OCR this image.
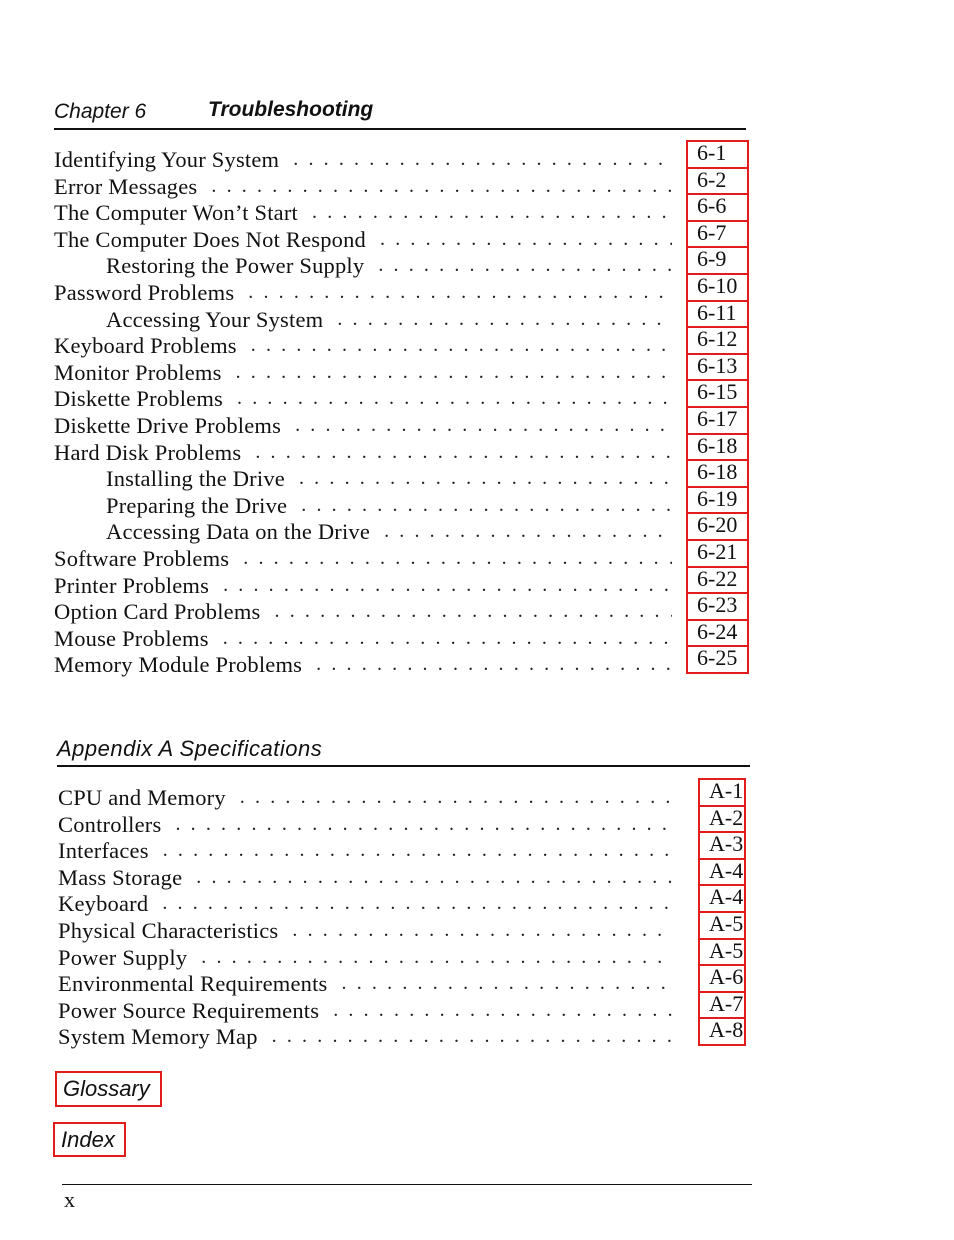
Chapter 6	Troubleshooting
Appendix A Specifications
Glossary
Index
x
Identifying Your System . . .	6-1
Error Messages . . .	6-2
The Computer Won’t Start . . .	6-6
The Computer Does Not Respond . . .	6-7
Restoring the Power Supply . . .	6-9
Password Problems . . .	6-10
Accessing Your System . . .	6-11
Keyboard Problems . . .	6-12
Monitor Problems . . .	6-13
Diskette Problems . . .	6-15
Diskette Drive Problems . . .	6-17
Hard Disk Problems . . .	6-18
Installing the Drive . . .	6-18
Preparing the Drive . . .	6-19
Accessing Data on the Drive . . .	6-20
Software Problems . . .	6-21
Printer Problems . . .	6-22
Option Card Problems . . .	6-23
Mouse Problems . . .	6-24
Memory Module Problems . . .	6-25
CPU and Memory . . .	A-1
Controllers . . .	A-2
Interfaces . . .	A-3
Mass Storage . . .	A-4
Keyboard . . .	A-4
Physical Characteristics . . .	A-5
Power Supply . . .	A-5
Environmental Requirements . . .	A-6
Power Source Requirements . . .	A-7
System Memory Map . . .	A-8
